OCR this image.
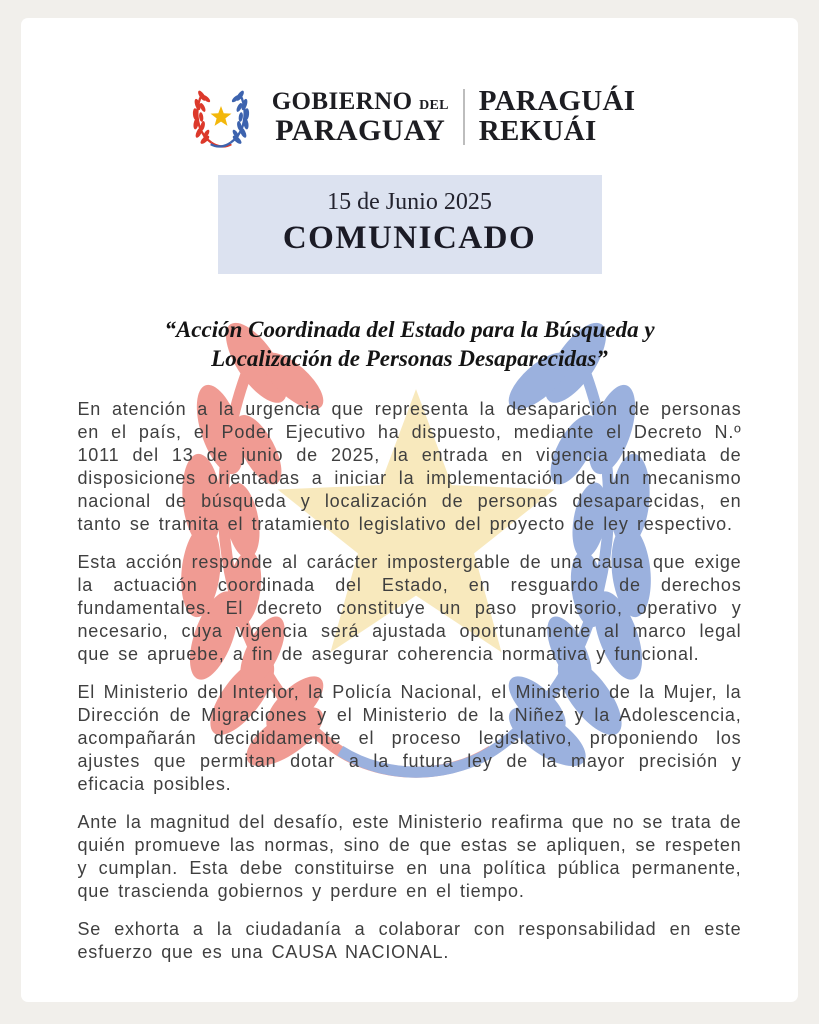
GOBIERNO DEL
PARAGUAY
PARAGUÁI
REKUÁI
15 de Junio 2025
COMUNICADO
“Acción Coordinada del Estado para la Búsqueda y
Localización de Personas Desaparecidas”

En atención a la urgencia que representa la desaparición de personas en el país, el Poder Ejecutivo ha dispuesto, mediante el Decreto N.º 1011 del 13 de junio de 2025, la entrada en vigencia inmediata de disposiciones orientadas a iniciar la implementación de un mecanismo nacional de búsqueda y localización de personas desaparecidas, en tanto se tramita el tratamiento legislativo del proyecto de ley respectivo.

Esta acción responde al carácter impostergable de una causa que exige la actuación coordinada del Estado, en resguardo de derechos fundamentales. El decreto constituye un paso provisorio, operativo y necesario, cuya vigencia será ajustada oportunamente al marco legal que se apruebe, a fin de asegurar coherencia normativa y funcional.

El Ministerio del Interior, la Policía Nacional, el Ministerio de la Mujer, la Dirección de Migraciones y el Ministerio de la Niñez y la Adolescencia, acompañarán decididamente el proceso legislativo, proponiendo los ajustes que permitan dotar a la futura ley de la mayor precisión y eficacia posibles.

Ante la magnitud del desafío, este Ministerio reafirma que no se trata de quién promueve las normas, sino de que estas se apliquen, se respeten y cumplan. Esta debe constituirse en una política pública permanente, que trascienda gobiernos y perdure en el tiempo.

Se exhorta a la ciudadanía a colaborar con responsabilidad en este esfuerzo que es una CAUSA NACIONAL.
